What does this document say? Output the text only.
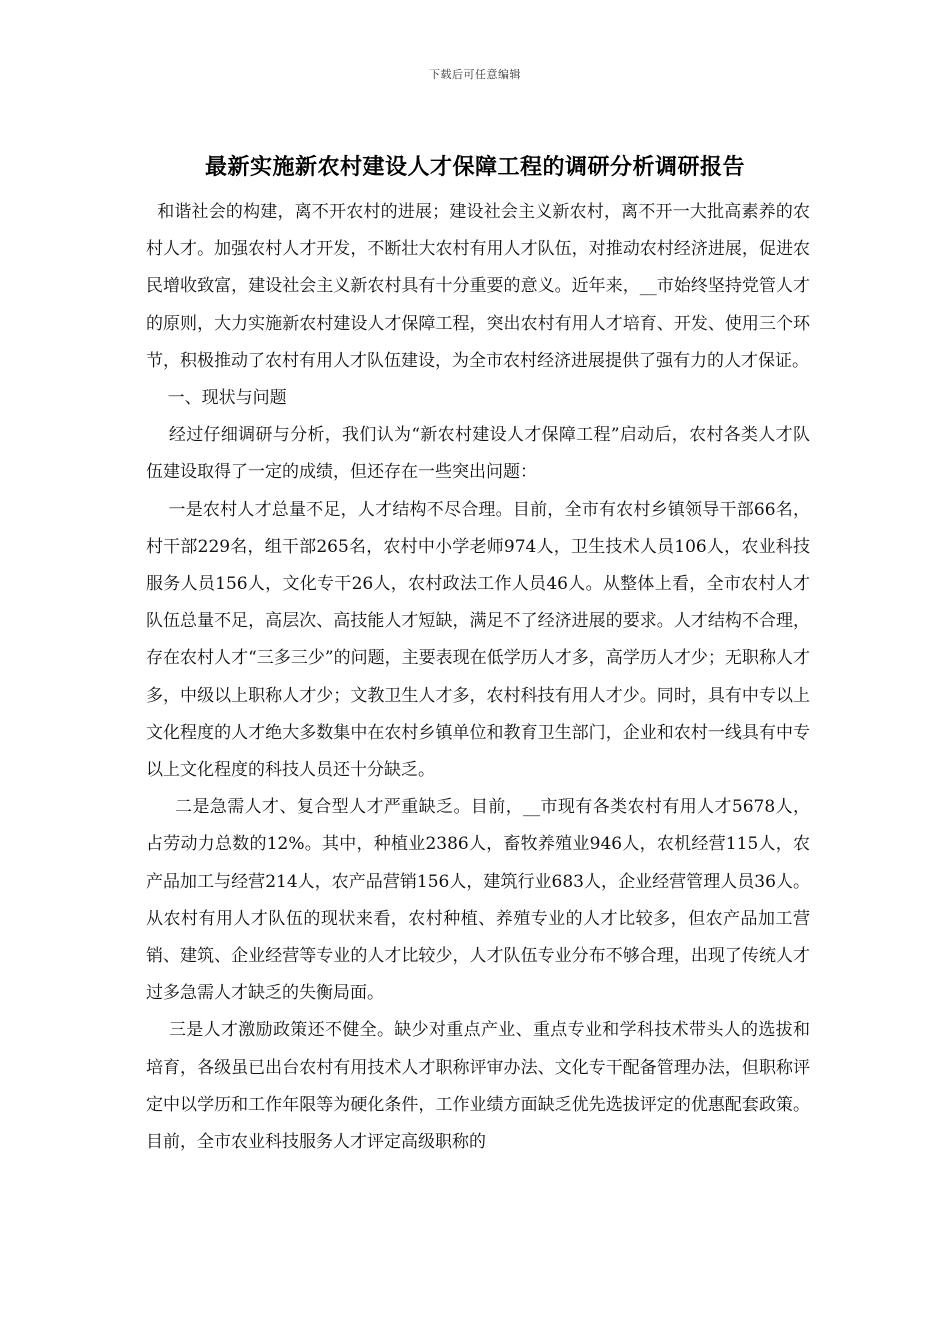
下载后可任意编辑
最新实施新农村建设人才保障工程的调研分析调研报告

和谐社会的构建，离不开农村的进展；建设社会主义新农村，离不开一大批高素养的农村人才。加强农村人才开发，不断壮大农村有用人才队伍，对推动农村经济进展，促进农民增收致富，建设社会主义新农村具有十分重要的意义。近年来，__市始终坚持党管人才的原则，大力实施新农村建设人才保障工程，突出农村有用人才培育、开发、使用三个环节，积极推动了农村有用人才队伍建设，为全市农村经济进展提供了强有力的人才保证。

一、现状与问题

经过仔细调研与分析，我们认为“新农村建设人才保障工程”启动后，农村各类人才队伍建设取得了一定的成绩，但还存在一些突出问题：

一是农村人才总量不足，人才结构不尽合理。目前，全市有农村乡镇领导干部66名，村干部229名，组干部265名，农村中小学老师974人，卫生技术人员106人，农业科技服务人员156人，文化专干26人，农村政法工作人员46人。从整体上看，全市农村人才队伍总量不足，高层次、高技能人才短缺，满足不了经济进展的要求。人才结构不合理，存在农村人才“三多三少”的问题，主要表现在低学历人才多，高学历人才少；无职称人才多，中级以上职称人才少；文教卫生人才多，农村科技有用人才少。同时，具有中专以上文化程度的人才绝大多数集中在农村乡镇单位和教育卫生部门，企业和农村一线具有中专以上文化程度的科技人员还十分缺乏。

二是急需人才、复合型人才严重缺乏。目前，__市现有各类农村有用人才5678人，占劳动力总数的12%。其中，种植业2386人，畜牧养殖业946人，农机经营115人，农产品加工与经营214人，农产品营销156人，建筑行业683人，企业经营管理人员36人。从农村有用人才队伍的现状来看，农村种植、养殖专业的人才比较多，但农产品加工营销、建筑、企业经营等专业的人才比较少，人才队伍专业分布不够合理，出现了传统人才过多急需人才缺乏的失衡局面。

三是人才激励政策还不健全。缺少对重点产业、重点专业和学科技术带头人的选拔和培育，各级虽已出台农村有用技术人才职称评审办法、文化专干配备管理办法，但职称评定中以学历和工作年限等为硬化条件，工作业绩方面缺乏优先选拔评定的优惠配套政策。目前，全市农业科技服务人才评定高级职称的
